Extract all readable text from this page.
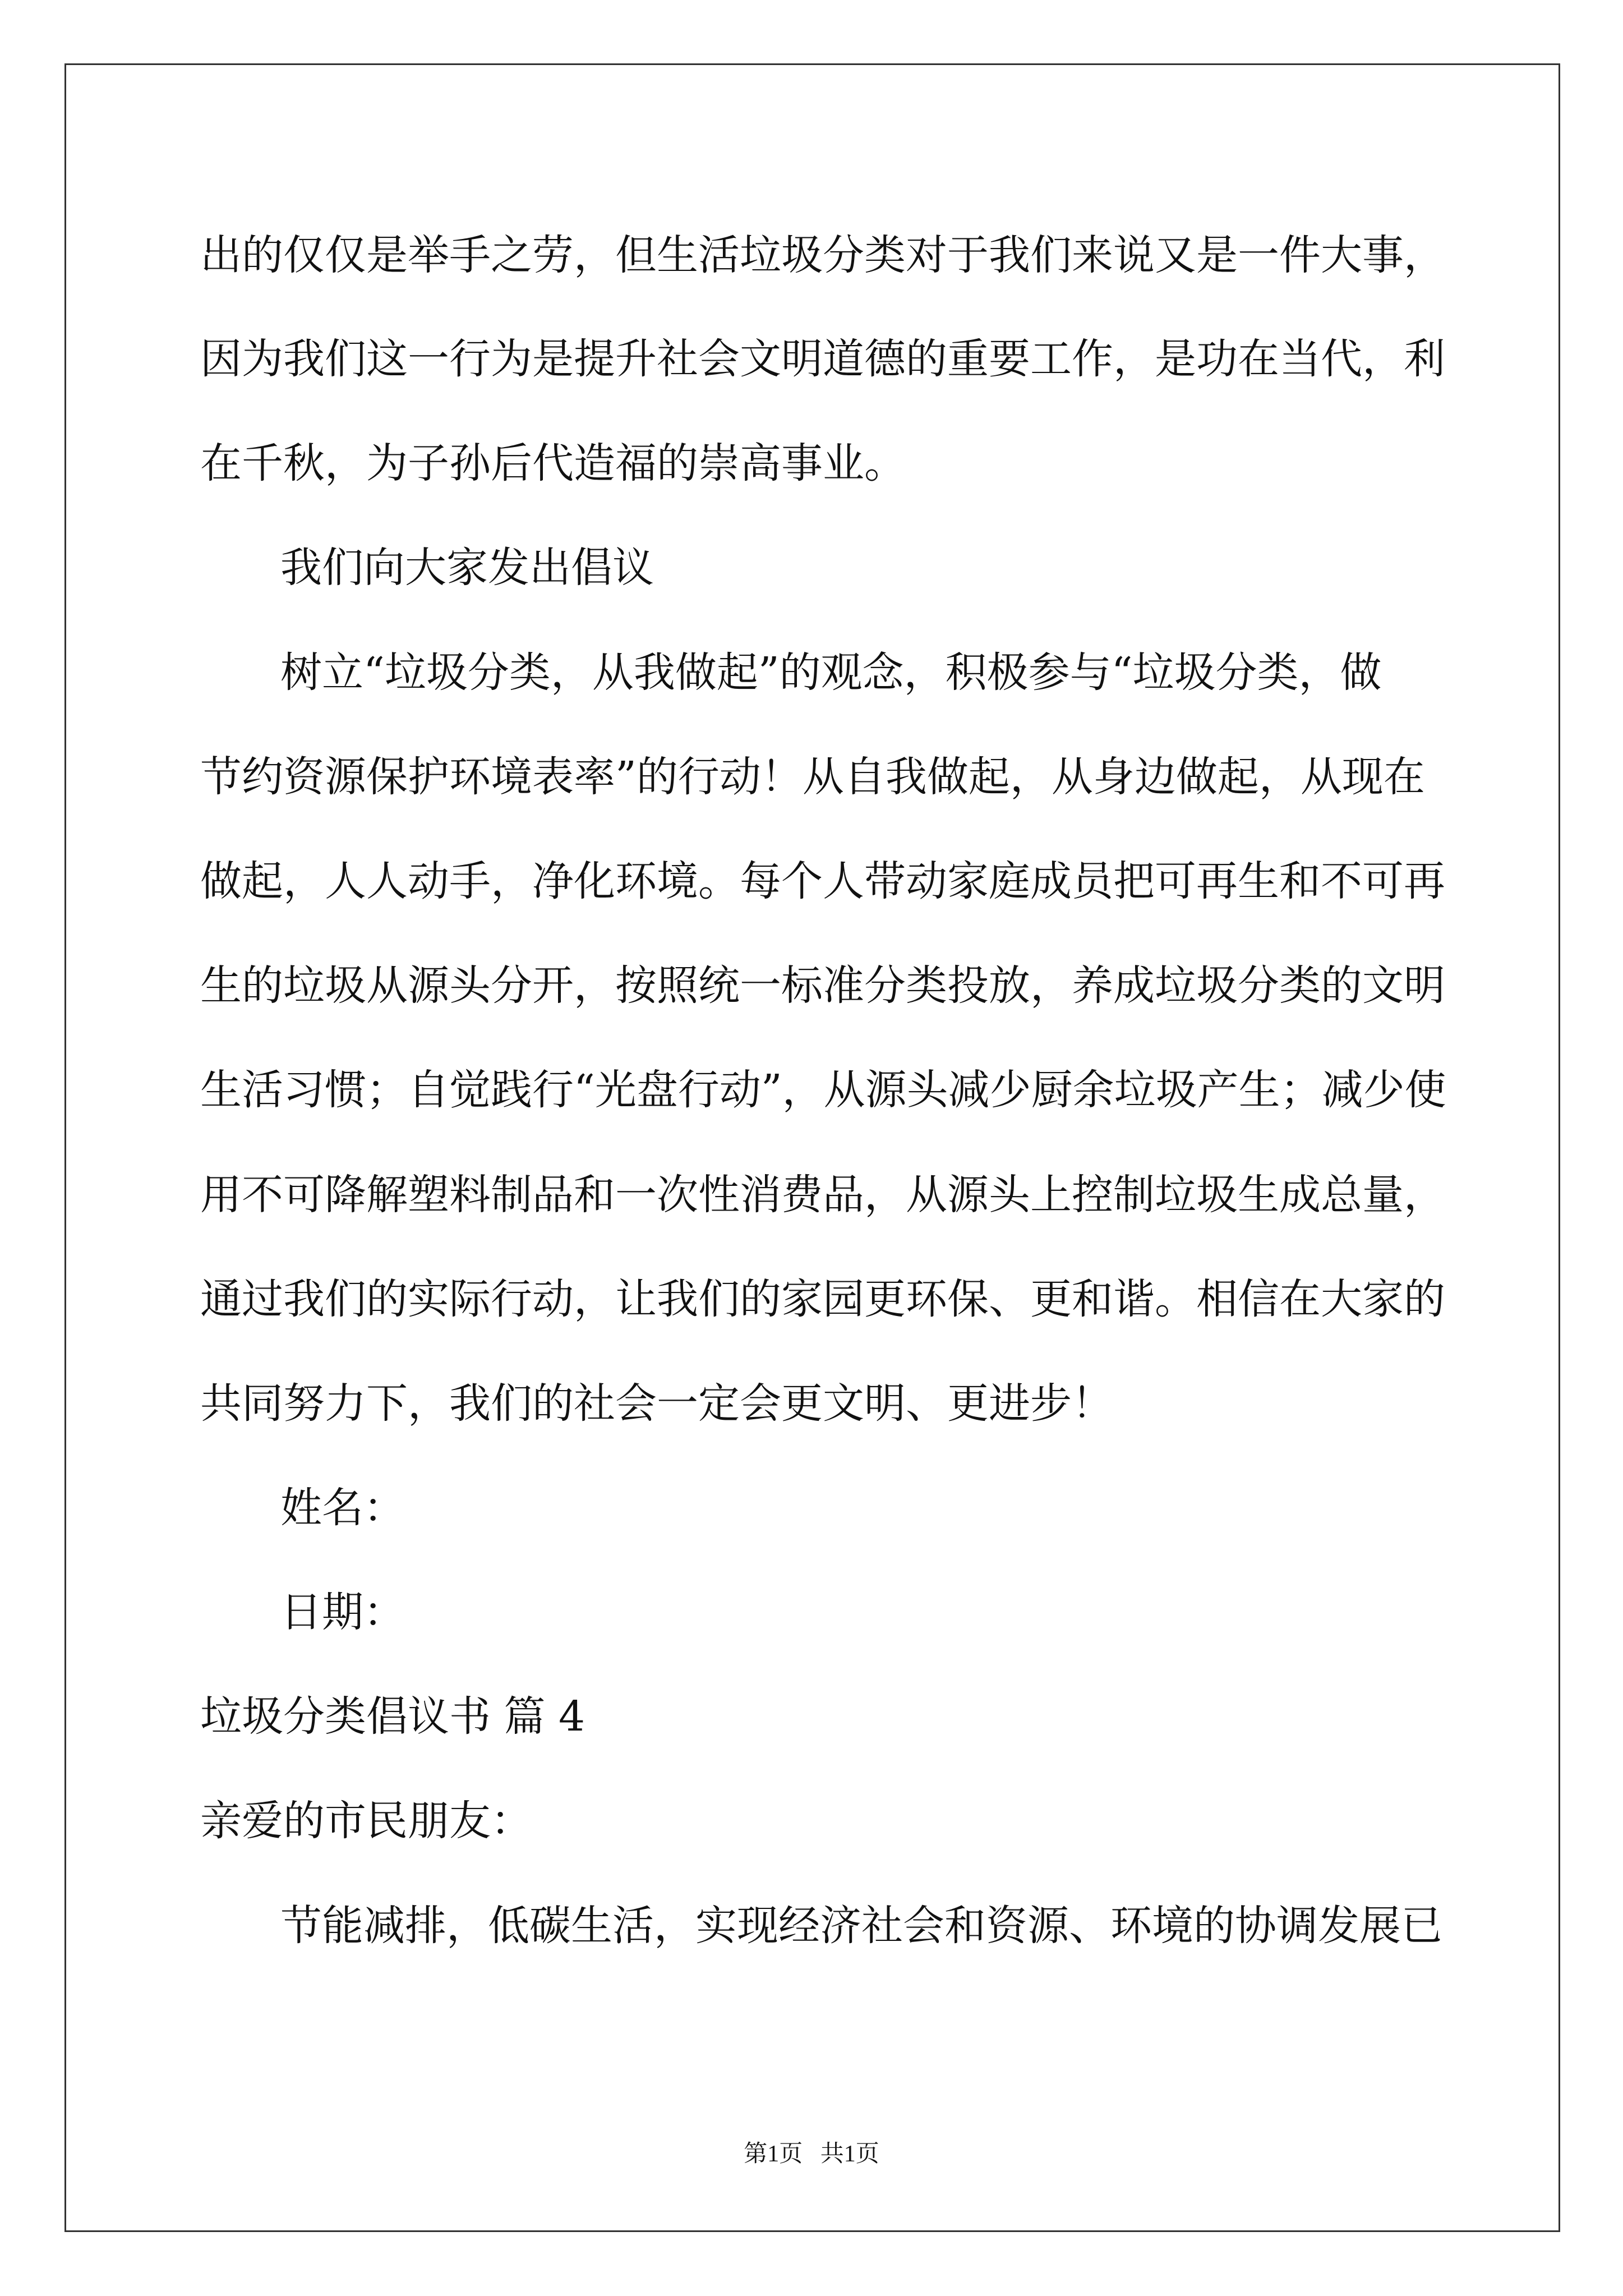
出的仅仅是举手之劳，但生活垃圾分类对于我们来说又是一件大事，
因为我们这一行为是提升社会文明道德的重要工作，是功在当代，利
在千秋，为子孙后代造福的崇高事业。
我们向大家发出倡议
树立“垃圾分类，从我做起”的观念，积极参与“垃圾分类，做
节约资源保护环境表率”的行动！从自我做起，从身边做起，从现在
做起，人人动手，净化环境。每个人带动家庭成员把可再生和不可再
生的垃圾从源头分开，按照统一标准分类投放，养成垃圾分类的文明
生活习惯；自觉践行“光盘行动”，从源头减少厨余垃圾产生；减少使
用不可降解塑料制品和一次性消费品，从源头上控制垃圾生成总量，
通过我们的实际行动，让我们的家园更环保、更和谐。相信在大家的
共同努力下，我们的社会一定会更文明、更进步！
姓名：
日期：
垃圾分类倡议书 篇 4
亲爱的市民朋友：
节能减排，低碳生活，实现经济社会和资源、环境的协调发展已
第1页   共1页
